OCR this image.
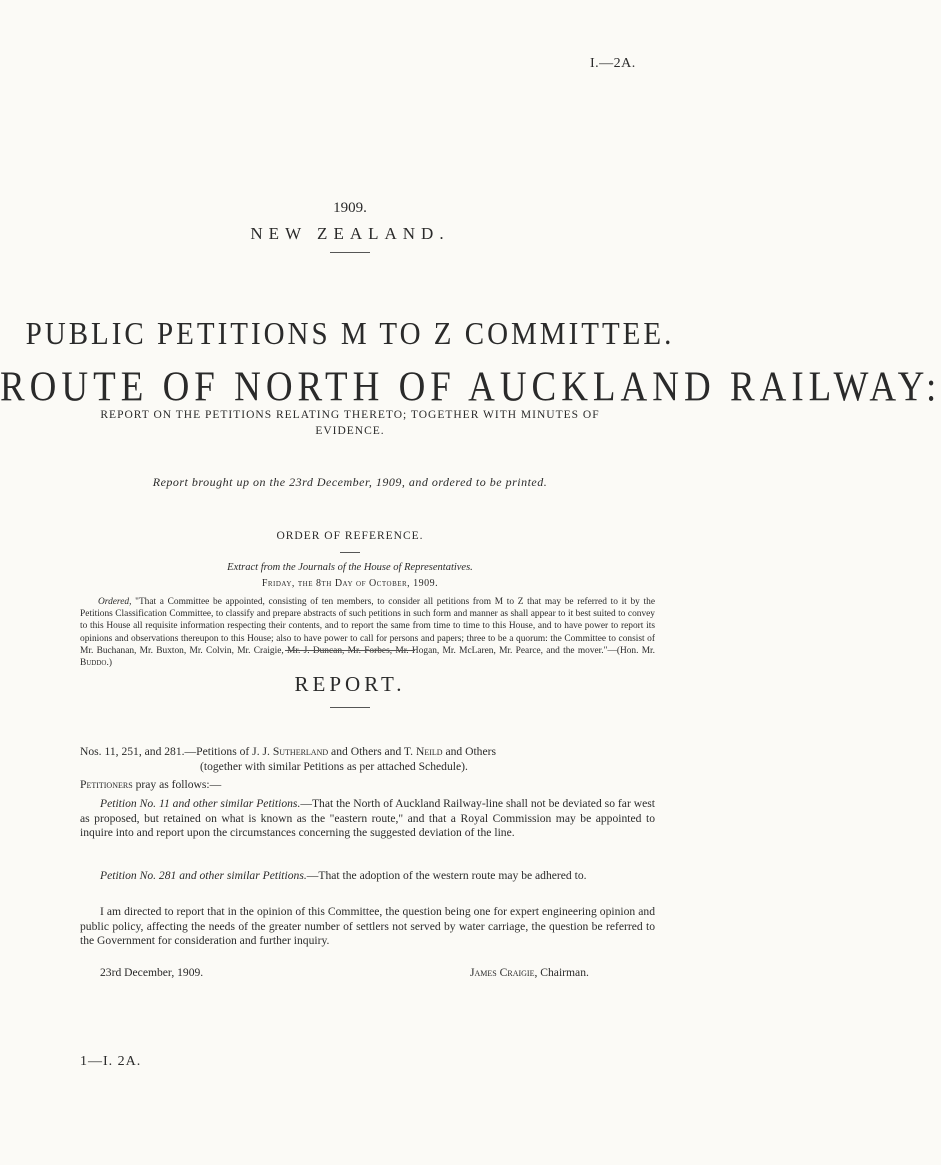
I.—2A.
1909.
NEW ZEALAND.
PUBLIC PETITIONS M TO Z COMMITTEE.
ROUTE OF NORTH OF AUCKLAND RAILWAY:
REPORT ON THE PETITIONS RELATING THERETO; TOGETHER WITH MINUTES OF EVIDENCE.
Report brought up on the 23rd December, 1909, and ordered to be printed.
ORDER OF REFERENCE.
Extract from the Journals of the House of Representatives.
Friday, the 8th Day of October, 1909.
Ordered, "That a Committee be appointed, consisting of ten members, to consider all petitions from M to Z that may be referred to it by the Petitions Classification Committee, to classify and prepare abstracts of such petitions in such form and manner as shall appear to it best suited to convey to this House all requisite information respecting their contents, and to report the same from time to time to this House, and to have power to report its opinions and observations thereupon to this House; also to have power to call for persons and papers; three to be a quorum: the Committee to consist of Mr. Buchanan, Mr. Buxton, Mr. Colvin, Mr. Craigie, Mr. J. Duncan, Mr. Forbes, Mr. Hogan, Mr. McLaren, Mr. Pearce, and the mover."—(Hon. Mr. Buddo.)
REPORT.
Nos. 11, 251, and 281.—Petitions of J. J. Sutherland and Others and T. Neild and Others
(together with similar Petitions as per attached Schedule).
Petitioners pray as follows:—
Petition No. 11 and other similar Petitions.—That the North of Auckland Railway-line shall not be deviated so far west as proposed, but retained on what is known as the "eastern route," and that a Royal Commission may be appointed to inquire into and report upon the circumstances concerning the suggested deviation of the line.
Petition No. 281 and other similar Petitions.—That the adoption of the western route may be adhered to.
I am directed to report that in the opinion of this Committee, the question being one for expert engineering opinion and public policy, affecting the needs of the greater number of settlers not served by water carriage, the question be referred to the Government for consideration and further inquiry.
23rd December, 1909.	James Craigie, Chairman.
1—I. 2A.
